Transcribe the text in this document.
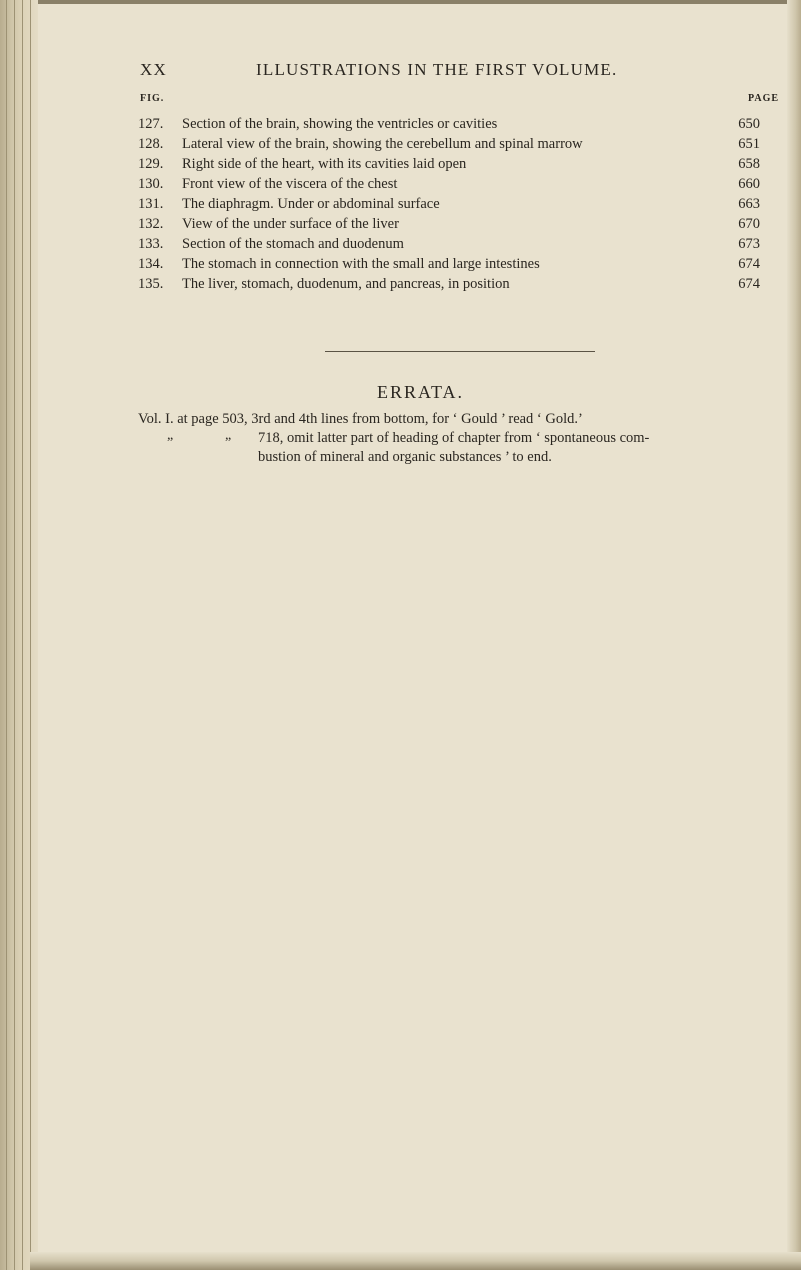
XX	ILLUSTRATIONS IN THE FIRST VOLUME.
FIG.	PAGE
127. Section of the brain, showing the ventricles or cavities	650
128. Lateral view of the brain, showing the cerebellum and spinal marrow	651
129. Right side of the heart, with its cavities laid open	658
130. Front view of the viscera of the chest	660
131. The diaphragm. Under or abdominal surface	663
132. View of the under surface of the liver	670
133. Section of the stomach and duodenum	673
134. The stomach in connection with the small and large intestines	674
135. The liver, stomach, duodenum, and pancreas, in position	674
ERRATA.
Vol. I. at page 503, 3rd and 4th lines from bottom, for ‘ Gould ’ read ‘ Gold.’
„	„ 718, omit latter part of heading of chapter from ‘ spontaneous com-
bustion of mineral and organic substances ’ to end.
